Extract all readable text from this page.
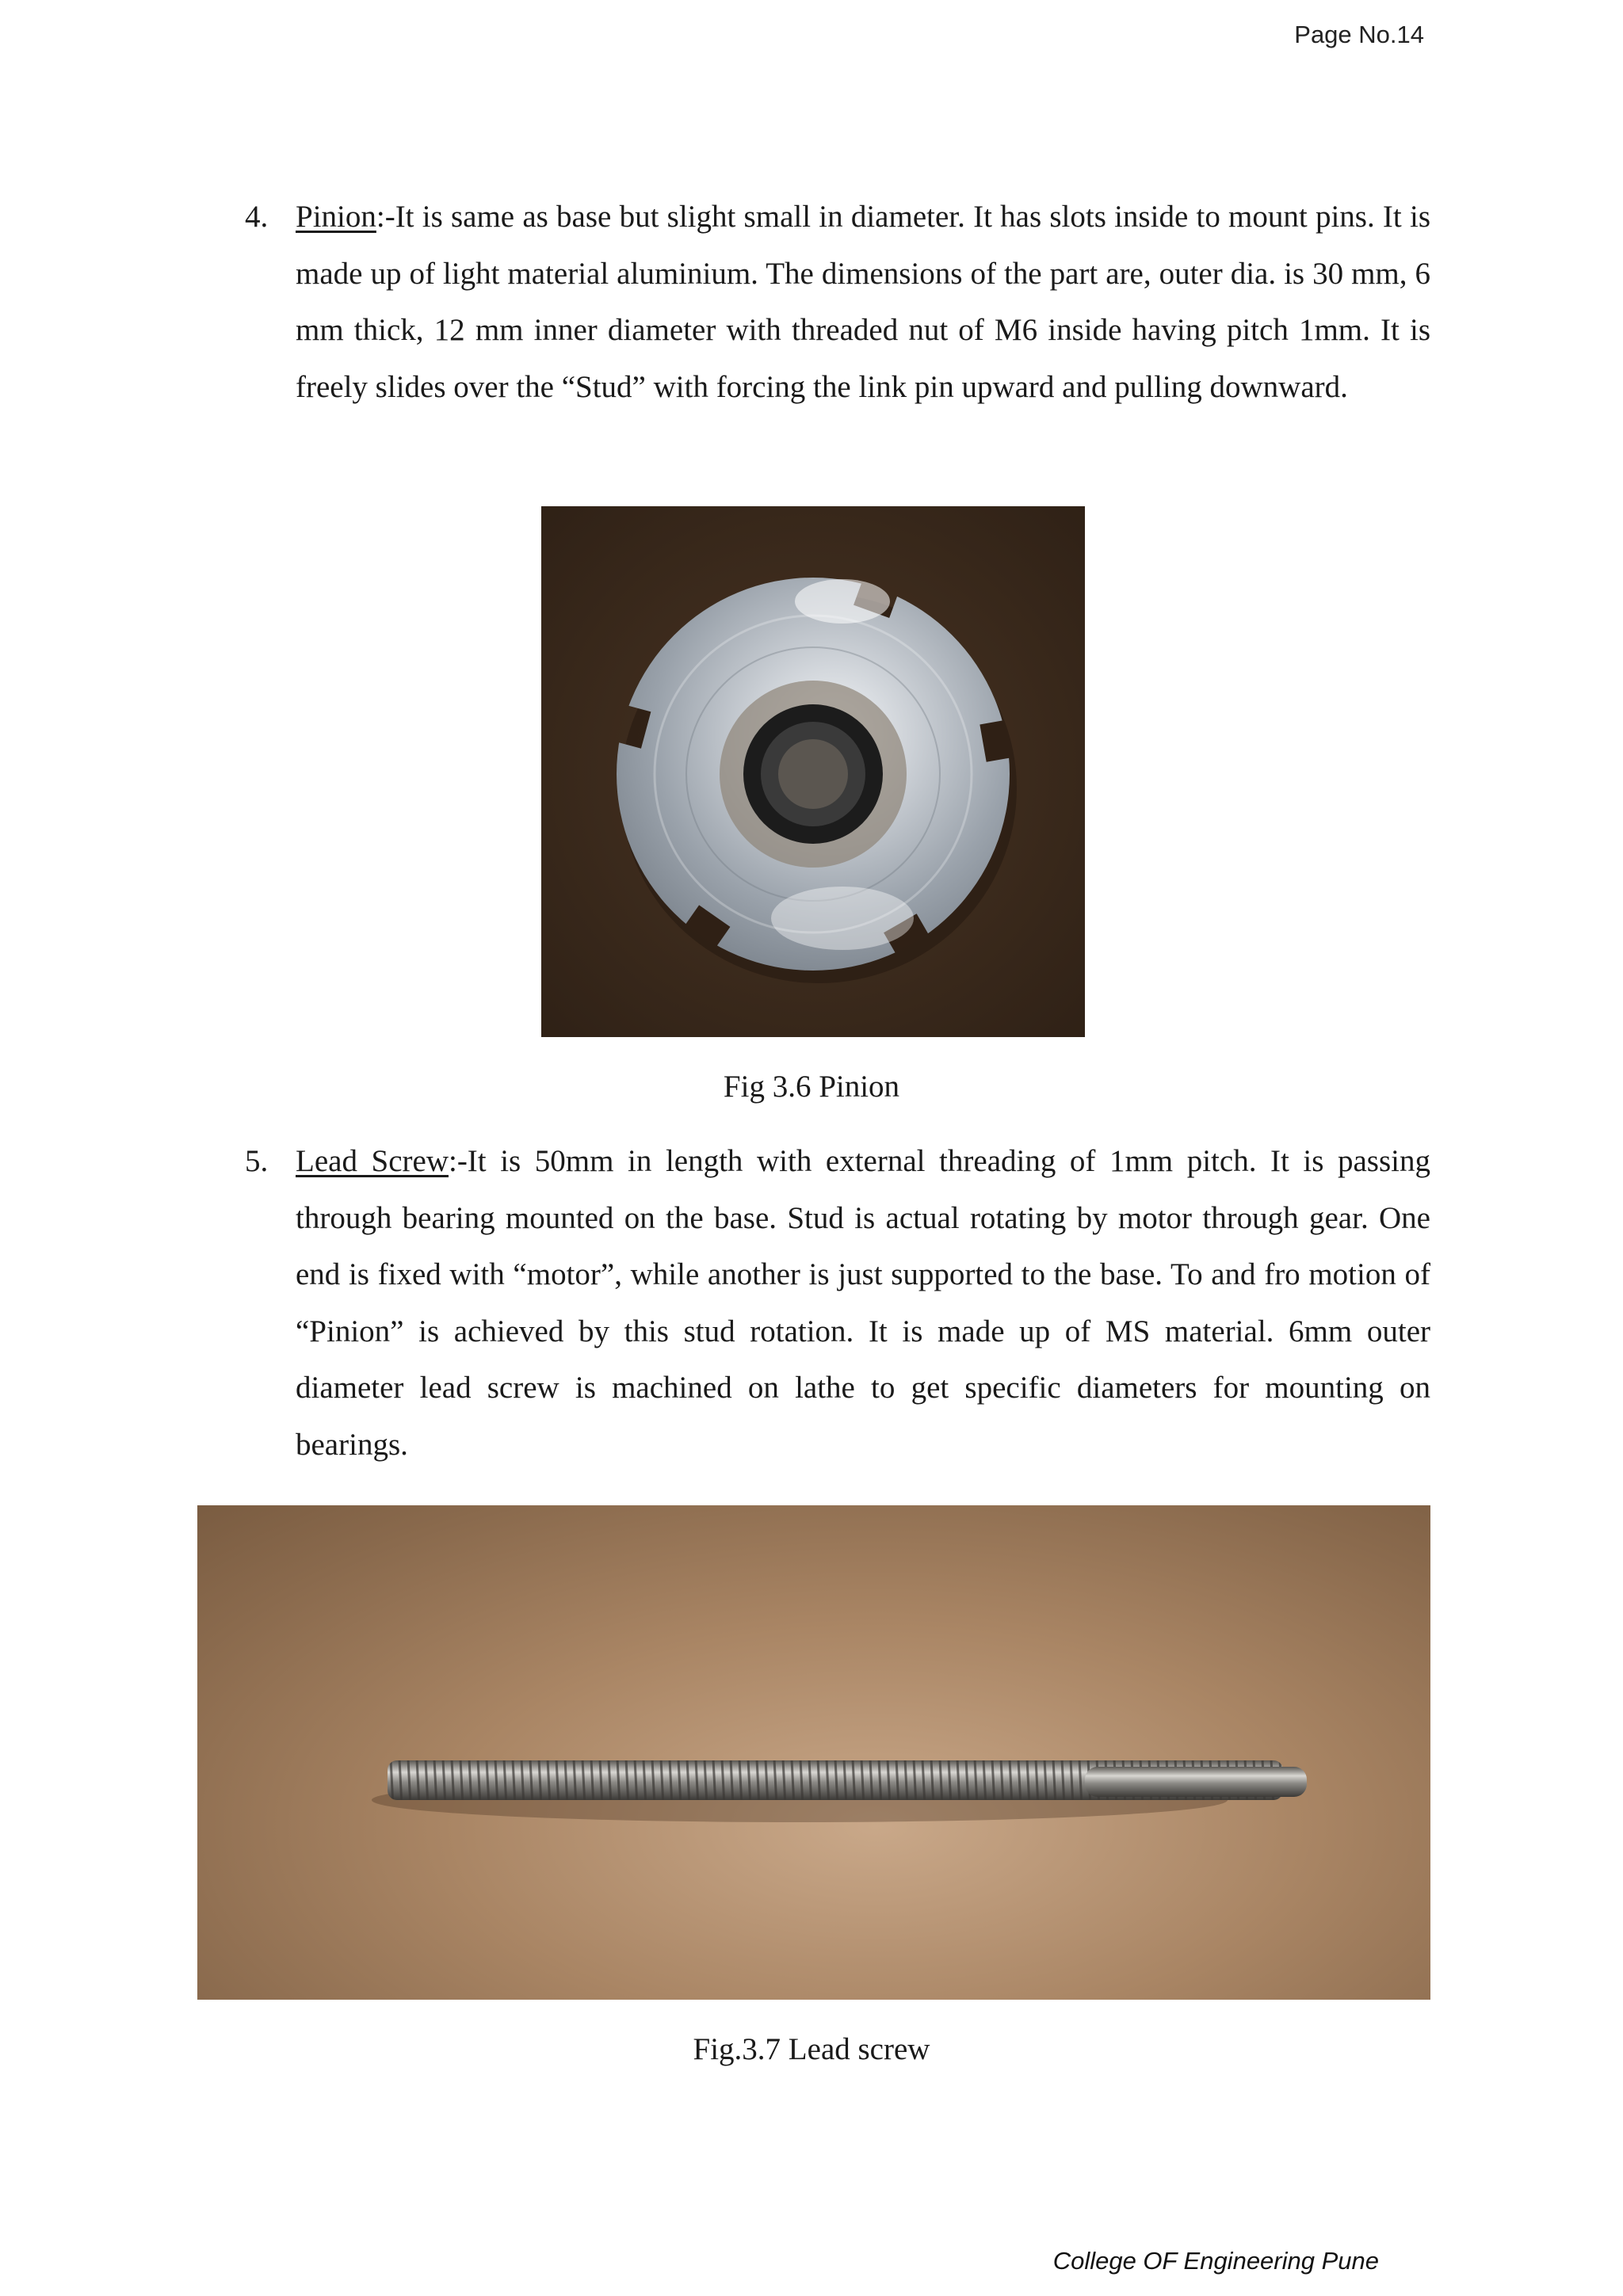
Page No.14
4. Pinion:-It is same as base but slight small in diameter. It has slots inside to mount pins. It is made up of light material aluminium. The dimensions of the part are, outer dia. is 30 mm, 6 mm thick, 12 mm inner diameter with threaded nut of M6 inside having pitch 1mm. It is freely slides over the “Stud” with forcing the link pin upward and pulling downward.
Fig 3.6 Pinion
5. Lead Screw:-It is 50mm in length with external threading of 1mm pitch. It is passing through bearing mounted on the base. Stud is actual rotating by motor through gear. One end is fixed with “motor”, while another is just supported to the base. To and fro motion of “Pinion” is achieved by this stud rotation. It is made up of MS material. 6mm outer diameter lead screw is machined on lathe to get specific diameters for mounting on bearings.
Fig.3.7 Lead screw
College OF Engineering Pune
